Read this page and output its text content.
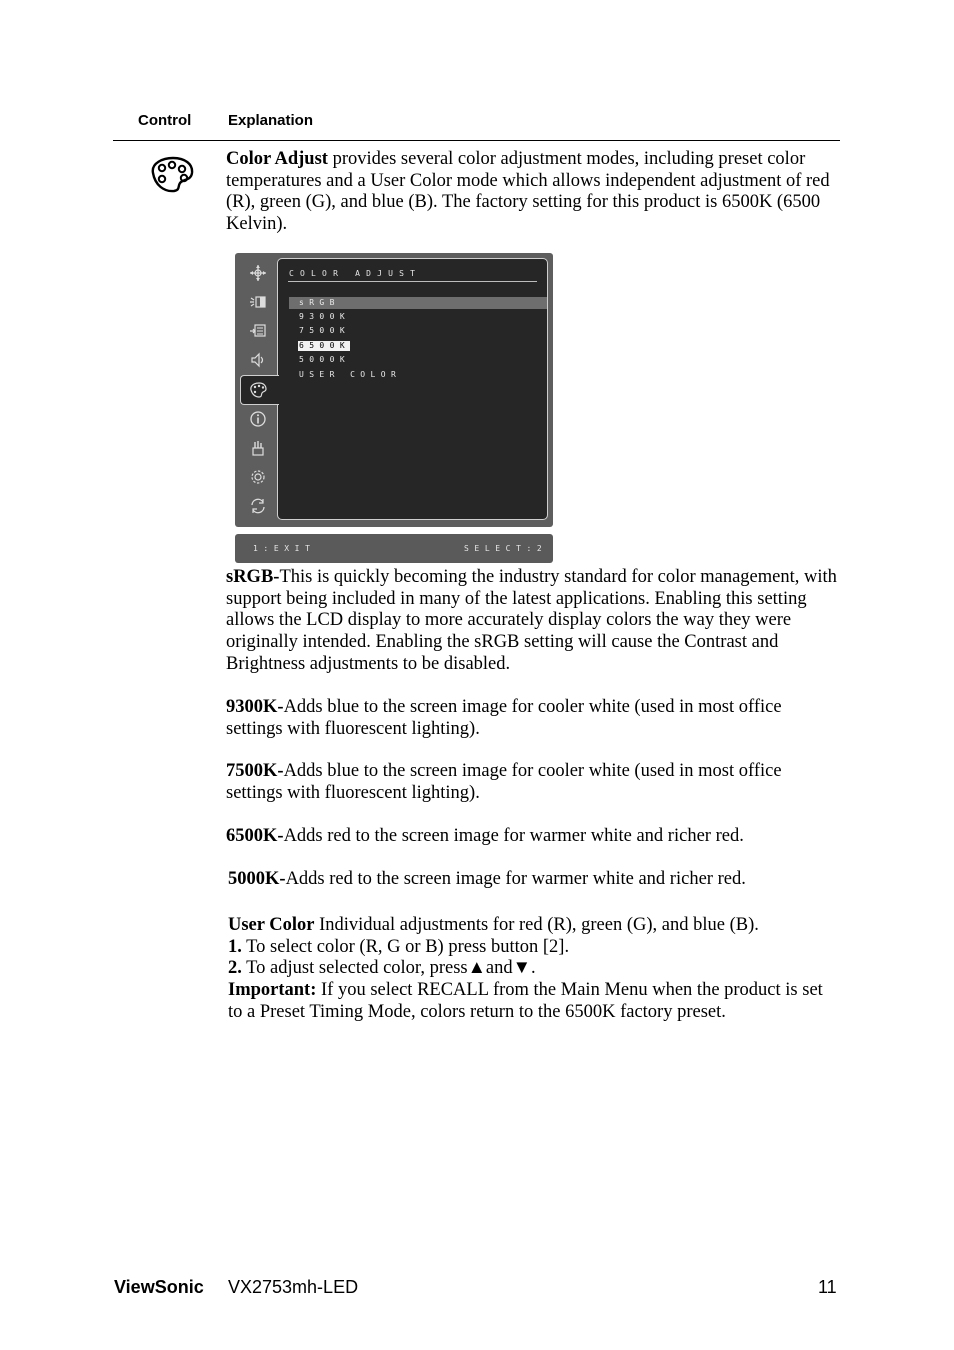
Control Explanation

Color Adjust provides several color adjustment modes, including preset color temperatures and a User Color mode which allows independent adjustment of red (R), green (G), and blue (B). The factory setting for this product is 6500K (6500 Kelvin).

COLOR ADJUST
sRGB
9300K
7500K
6500K
5000K
USER COLOR
1:EXIT	SELECT:2

sRGB-This is quickly becoming the industry standard for color management, with support being included in many of the latest applications. Enabling this setting allows the LCD display to more accurately display colors the way they were originally intended. Enabling the sRGB setting will cause the Contrast and Brightness adjustments to be disabled.

9300K-Adds blue to the screen image for cooler white (used in most office settings with fluorescent lighting).

7500K-Adds blue to the screen image for cooler white (used in most office settings with fluorescent lighting).

6500K-Adds red to the screen image for warmer white and richer red.

5000K-Adds red to the screen image for warmer white and richer red.

User Color Individual adjustments for red (R), green (G), and blue (B).
1. To select color (R, G or B) press button [2].
2. To adjust selected color, press▲and▼.
Important: If you select RECALL from the Main Menu when the product is set to a Preset Timing Mode, colors return to the 6500K factory preset.
ViewSonic VX2753mh-LED	11
